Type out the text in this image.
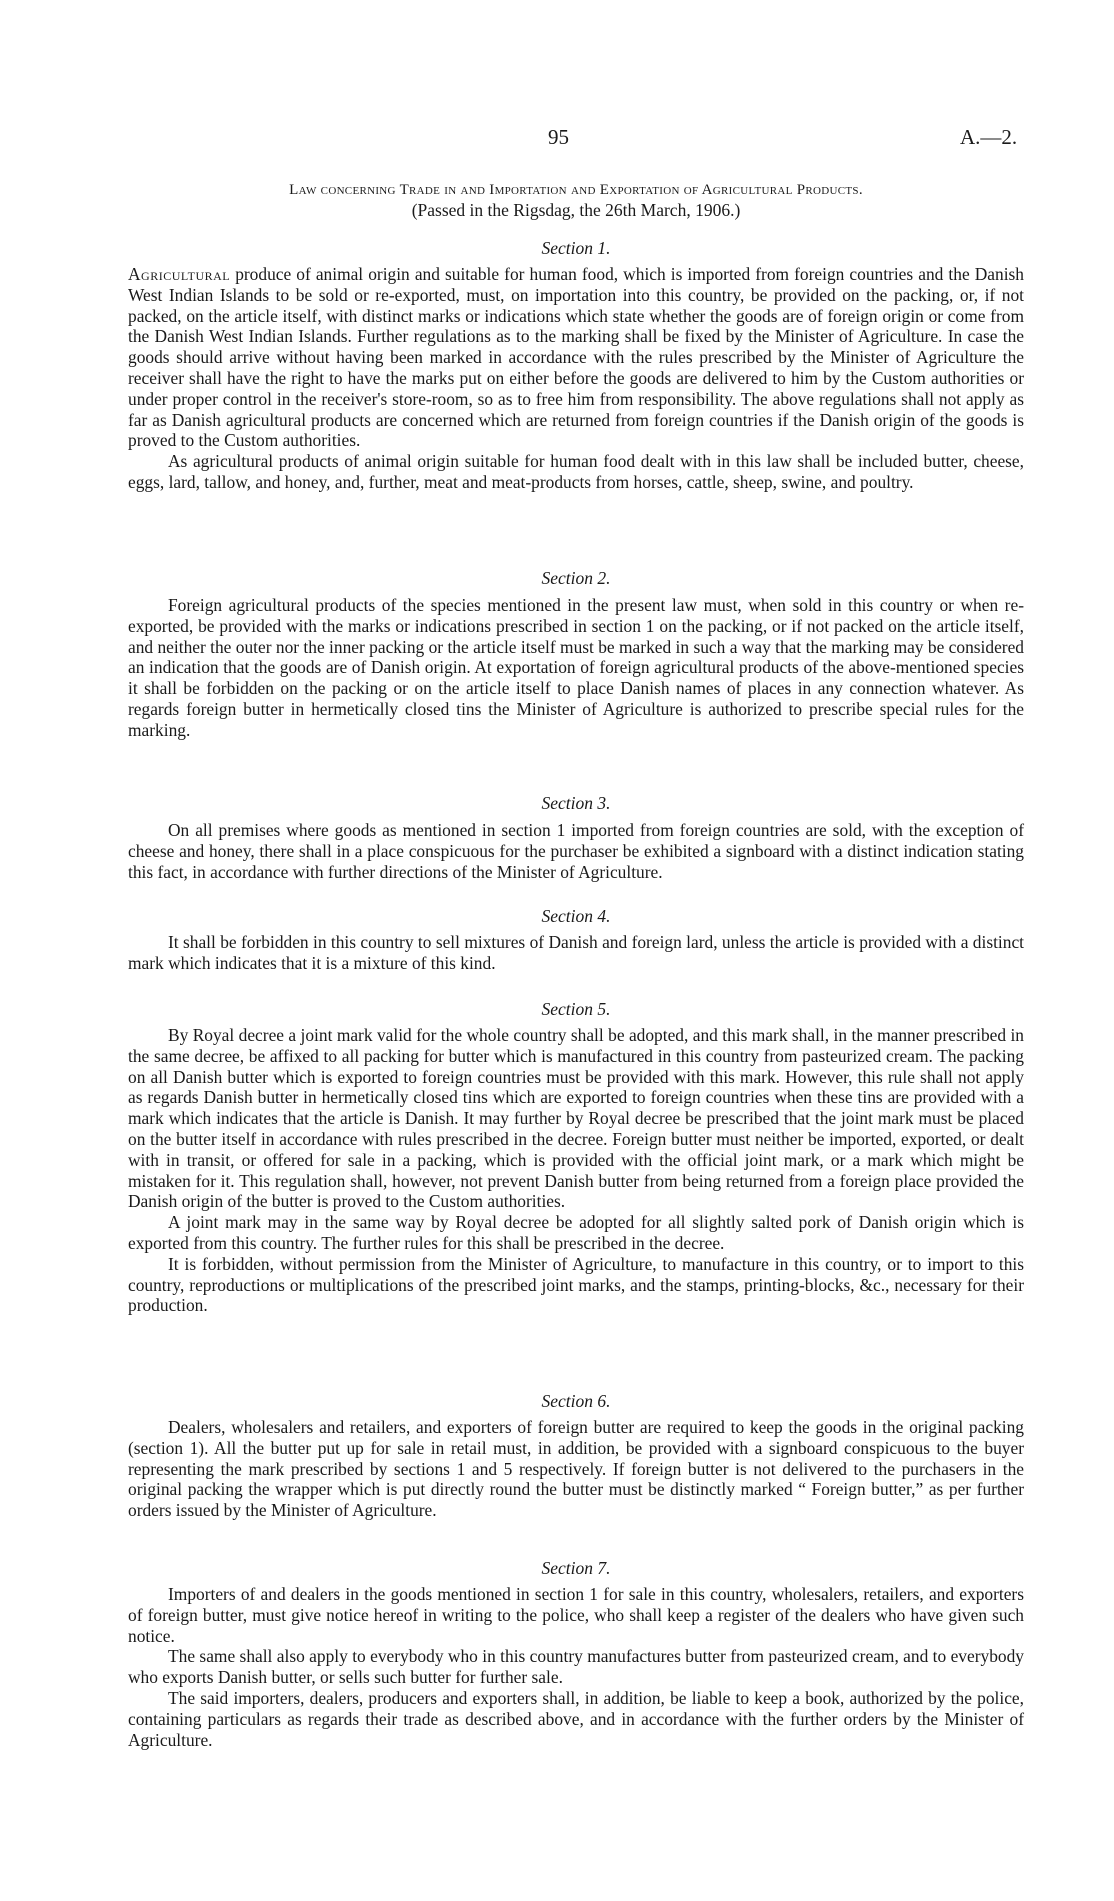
95	A.—2.
Law concerning Trade in and Importation and Exportation of Agricultural Products.
(Passed in the Rigsdag, the 26th March, 1906.)
Section 1.

Agricultural produce of animal origin and suitable for human food, which is imported from foreign countries and the Danish West Indian Islands to be sold or re-exported, must, on importation into this country, be provided on the packing, or, if not packed, on the article itself, with distinct marks or indications which state whether the goods are of foreign origin or come from the Danish West Indian Islands. Further regulations as to the marking shall be fixed by the Minister of Agriculture. In case the goods should arrive without having been marked in accordance with the rules prescribed by the Minister of Agriculture the receiver shall have the right to have the marks put on either before the goods are delivered to him by the Custom authorities or under proper control in the receiver's store-room, so as to free him from responsibility. The above regulations shall not apply as far as Danish agricultural products are concerned which are returned from foreign countries if the Danish origin of the goods is proved to the Custom authorities.

As agricultural products of animal origin suitable for human food dealt with in this law shall be included butter, cheese, eggs, lard, tallow, and honey, and, further, meat and meat-products from horses, cattle, sheep, swine, and poultry.

Section 2.

Foreign agricultural products of the species mentioned in the present law must, when sold in this country or when re-exported, be provided with the marks or indications prescribed in section 1 on the packing, or if not packed on the article itself, and neither the outer nor the inner packing or the article itself must be marked in such a way that the marking may be considered an indication that the goods are of Danish origin. At exportation of foreign agricultural products of the above-mentioned species it shall be forbidden on the packing or on the article itself to place Danish names of places in any connection whatever. As regards foreign butter in hermetically closed tins the Minister of Agriculture is authorized to prescribe special rules for the marking.

Section 3.

On all premises where goods as mentioned in section 1 imported from foreign countries are sold, with the exception of cheese and honey, there shall in a place conspicuous for the purchaser be exhibited a signboard with a distinct indication stating this fact, in accordance with further directions of the Minister of Agriculture.

Section 4.

It shall be forbidden in this country to sell mixtures of Danish and foreign lard, unless the article is provided with a distinct mark which indicates that it is a mixture of this kind.

Section 5.

By Royal decree a joint mark valid for the whole country shall be adopted, and this mark shall, in the manner prescribed in the same decree, be affixed to all packing for butter which is manufactured in this country from pasteurized cream. The packing on all Danish butter which is exported to foreign countries must be provided with this mark. However, this rule shall not apply as regards Danish butter in hermetically closed tins which are exported to foreign countries when these tins are provided with a mark which indicates that the article is Danish. It may further by Royal decree be prescribed that the joint mark must be placed on the butter itself in accordance with rules prescribed in the decree. Foreign butter must neither be imported, exported, or dealt with in transit, or offered for sale in a packing, which is provided with the official joint mark, or a mark which might be mistaken for it. This regulation shall, however, not prevent Danish butter from being returned from a foreign place provided the Danish origin of the butter is proved to the Custom authorities.

A joint mark may in the same way by Royal decree be adopted for all slightly salted pork of Danish origin which is exported from this country. The further rules for this shall be prescribed in the decree.

It is forbidden, without permission from the Minister of Agriculture, to manufacture in this country, or to import to this country, reproductions or multiplications of the prescribed joint marks, and the stamps, printing-blocks, &c., necessary for their production.

Section 6.

Dealers, wholesalers and retailers, and exporters of foreign butter are required to keep the goods in the original packing (section 1). All the butter put up for sale in retail must, in addition, be provided with a signboard conspicuous to the buyer representing the mark prescribed by sections 1 and 5 respectively. If foreign butter is not delivered to the purchasers in the original packing the wrapper which is put directly round the butter must be distinctly marked “ Foreign butter,” as per further orders issued by the Minister of Agriculture.

Section 7.

Importers of and dealers in the goods mentioned in section 1 for sale in this country, wholesalers, retailers, and exporters of foreign butter, must give notice hereof in writing to the police, who shall keep a register of the dealers who have given such notice.

The same shall also apply to everybody who in this country manufactures butter from pasteurized cream, and to everybody who exports Danish butter, or sells such butter for further sale.

The said importers, dealers, producers and exporters shall, in addition, be liable to keep a book, authorized by the police, containing particulars as regards their trade as described above, and in accordance with the further orders by the Minister of Agriculture.
